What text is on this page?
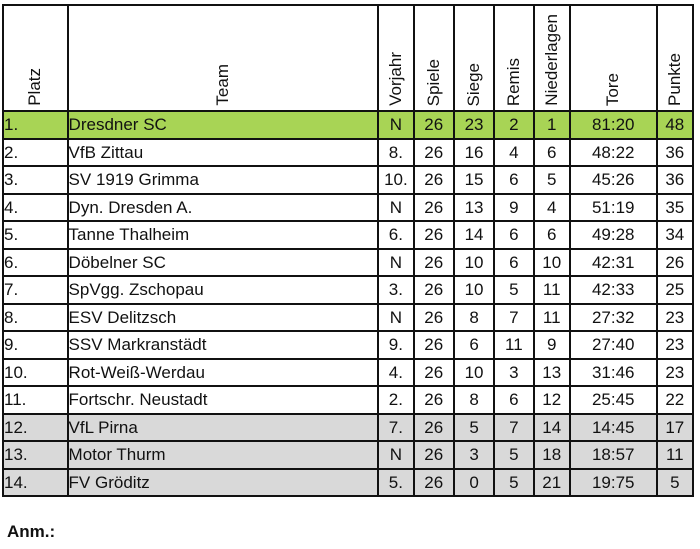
Platz	Team	Vorjahr	Spiele	Siege	Remis	Niederlagen	Tore	Punkte

1.	Dresdner SC	N	26	23	2	1	81:20	48
2.	VfB Zittau	8.	26	16	4	6	48:22	36
3.	SV 1919 Grimma	10.	26	15	6	5	45:26	36
4.	Dyn. Dresden A.	N	26	13	9	4	51:19	35
5.	Tanne Thalheim	6.	26	14	6	6	49:28	34
6.	Döbelner SC	N	26	10	6	10	42:31	26
7.	SpVgg. Zschopau	3.	26	10	5	11	42:33	25
8.	ESV Delitzsch	N	26	8	7	11	27:32	23
9.	SSV Markranstädt	9.	26	6	11	9	27:40	23
10.	Rot-Weiß-Werdau	4.	26	10	3	13	31:46	23
11.	Fortschr. Neustadt	2.	26	8	6	12	25:45	22
12.	VfL Pirna	7.	26	5	7	14	14:45	17
13.	Motor Thurm	N	26	3	5	18	18:57	11
14.	FV Gröditz	5.	26	0	5	21	19:75	5
Anm.:
